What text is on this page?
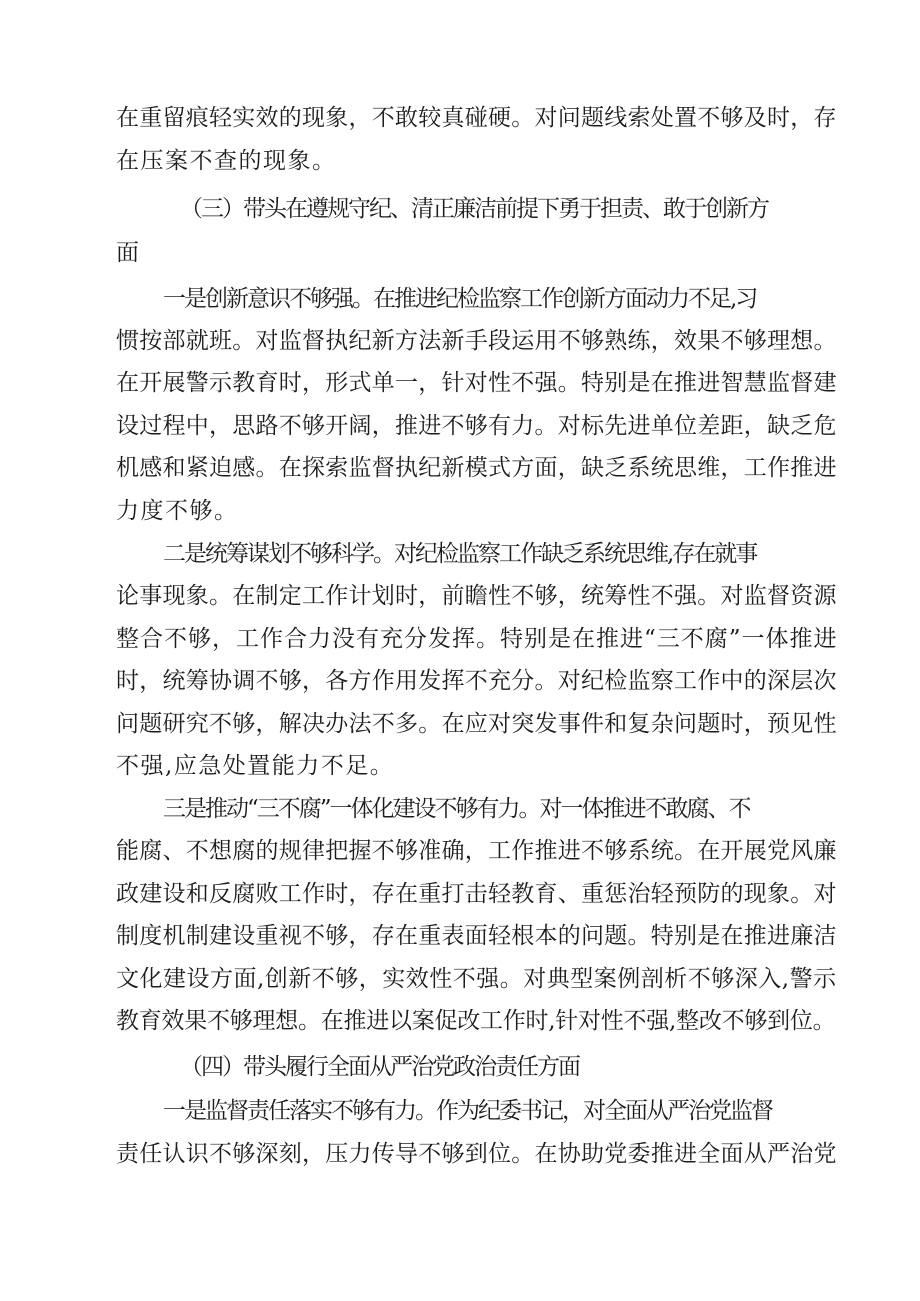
在重留痕轻实效的现象，不敢较真碰硬。对问题线索处置不够及时，存
在压案不查的现象。
（三）带头在遵规守纪、清正廉洁前提下勇于担责、敢于创新方
面
一是创新意识不够强。在推进纪检监察工作创新方面动力不足,习
惯按部就班。对监督执纪新方法新手段运用不够熟练，效果不够理想。
在开展警示教育时，形式单一，针对性不强。特别是在推进智慧监督建
设过程中，思路不够开阔，推进不够有力。对标先进单位差距，缺乏危
机感和紧迫感。在探索监督执纪新模式方面，缺乏系统思维，工作推进
力度不够。
二是统筹谋划不够科学。对纪检监察工作缺乏系统思维,存在就事
论事现象。在制定工作计划时，前瞻性不够，统筹性不强。对监督资源
整合不够，工作合力没有充分发挥。特别是在推进“三不腐”一体推进
时，统筹协调不够，各方作用发挥不充分。对纪检监察工作中的深层次
问题研究不够，解决办法不多。在应对突发事件和复杂问题时，预见性
不强,应急处置能力不足。
三是推动“三不腐”一体化建设不够有力。对一体推进不敢腐、不
能腐、不想腐的规律把握不够准确，工作推进不够系统。在开展党风廉
政建设和反腐败工作时，存在重打击轻教育、重惩治轻预防的现象。对
制度机制建设重视不够，存在重表面轻根本的问题。特别是在推进廉洁
文化建设方面,创新不够，实效性不强。对典型案例剖析不够深入,警示
教育效果不够理想。在推进以案促改工作时,针对性不强,整改不够到位。
（四）带头履行全面从严治党政治责任方面
一是监督责任落实不够有力。作为纪委书记，对全面从严治党监督
责任认识不够深刻，压力传导不够到位。在协助党委推进全面从严治党
